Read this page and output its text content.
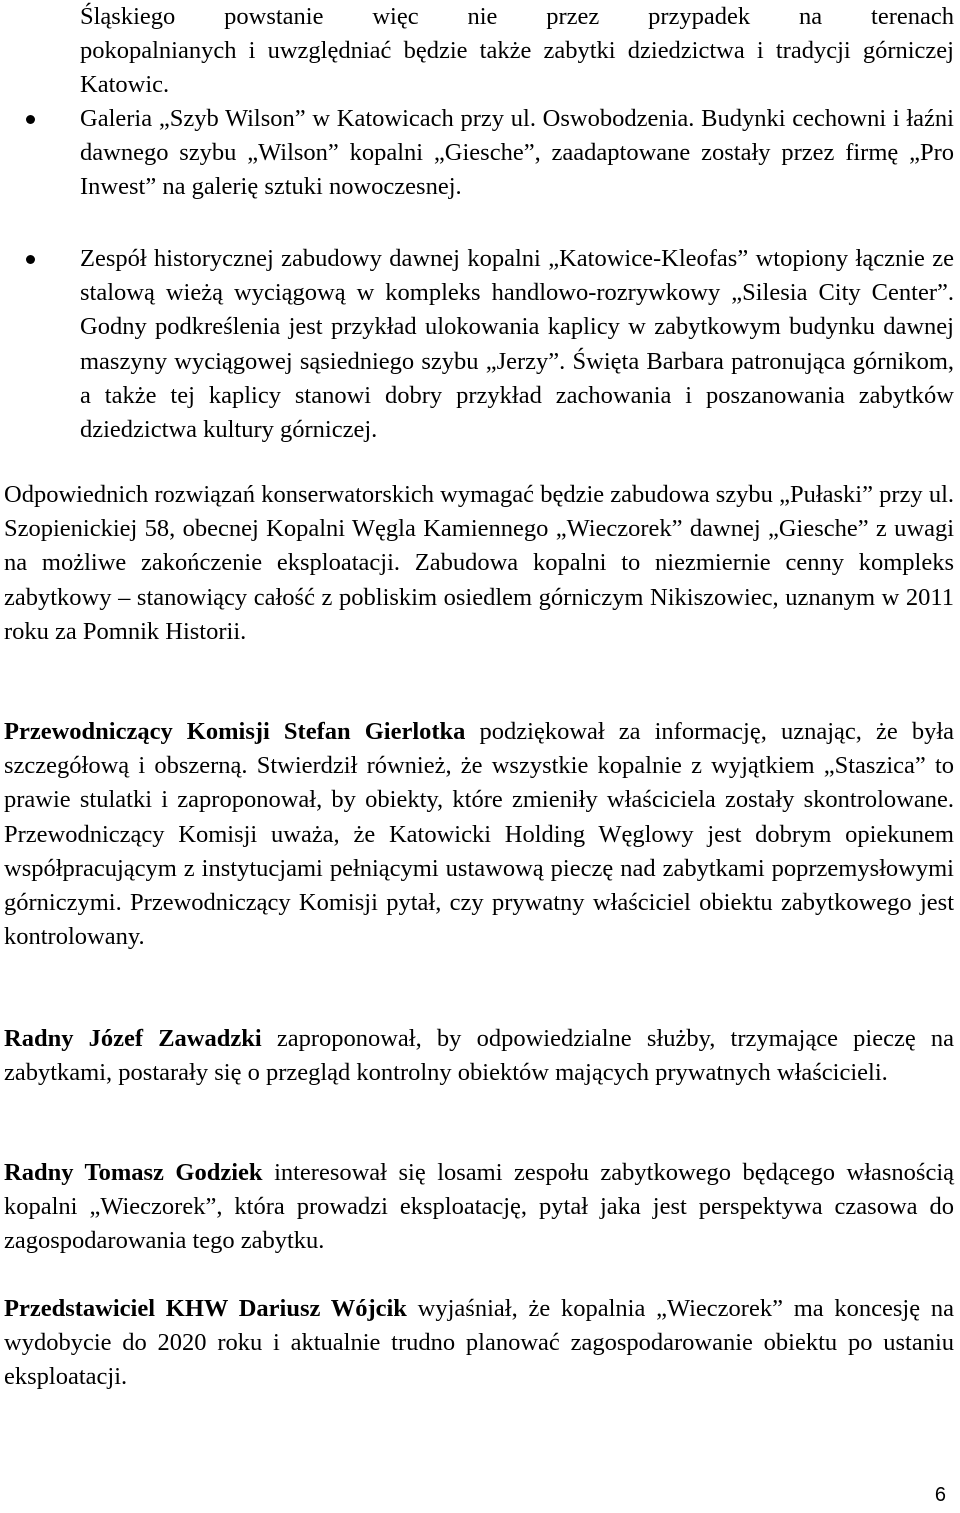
Śląskiego powstanie więc nie przez przypadek na terenach
pokopalnianych i uwzględniać będzie także zabytki dziedzictwa i tradycji górniczej Katowic.

Galeria „Szyb Wilson” w Katowicach przy ul. Oswobodzenia. Budynki cechowni i łaźni dawnego szybu „Wilson” kopalni „Giesche”, zaadaptowane zostały przez firmę „Pro Inwest” na galerię sztuki nowoczesnej.
Zespół historycznej zabudowy dawnej kopalni „Katowice-Kleofas” wtopiony łącznie ze stalową wieżą wyciągową w kompleks handlowo-rozrywkowy „Silesia City Center”. Godny podkreślenia jest przykład ulokowania kaplicy w zabytkowym budynku dawnej maszyny wyciągowej sąsiedniego szybu „Jerzy”. Święta Barbara patronująca górnikom, a także tej kaplicy stanowi dobry przykład zachowania i poszanowania zabytków dziedzictwa kultury górniczej.

Odpowiednich rozwiązań konserwatorskich wymagać będzie zabudowa szybu „Pułaski” przy ul. Szopienickiej 58, obecnej Kopalni Węgla Kamiennego „Wieczorek” dawnej „Giesche” z uwagi na możliwe zakończenie eksploatacji. Zabudowa kopalni to niezmiernie cenny kompleks zabytkowy – stanowiący całość z pobliskim osiedlem górniczym Nikiszowiec, uznanym w 2011 roku za Pomnik Historii.

Przewodniczący Komisji Stefan Gierlotka podziękował za informację, uznając, że była szczegółową i obszerną. Stwierdził również, że wszystkie kopalnie z wyjątkiem „Staszica” to prawie stulatki i zaproponował, by obiekty, które zmieniły właściciela zostały skontrolowane. Przewodniczący Komisji uważa, że Katowicki Holding Węglowy jest dobrym opiekunem współpracującym z instytucjami pełniącymi ustawową pieczę nad zabytkami poprzemysłowymi górniczymi. Przewodniczący Komisji pytał, czy prywatny właściciel obiektu zabytkowego jest kontrolowany.

Radny Józef Zawadzki zaproponował, by odpowiedzialne służby, trzymające pieczę na zabytkami, postarały się o przegląd kontrolny obiektów mających prywatnych właścicieli.

Radny Tomasz Godziek interesował się losami zespołu zabytkowego będącego własnością kopalni „Wieczorek”, która prowadzi eksploatację, pytał jaka jest perspektywa czasowa do zagospodarowania tego zabytku.

Przedstawiciel KHW Dariusz Wójcik wyjaśniał, że kopalnia „Wieczorek” ma koncesję na wydobycie do 2020 roku i aktualnie trudno planować zagospodarowanie obiektu po ustaniu eksploatacji.

6
